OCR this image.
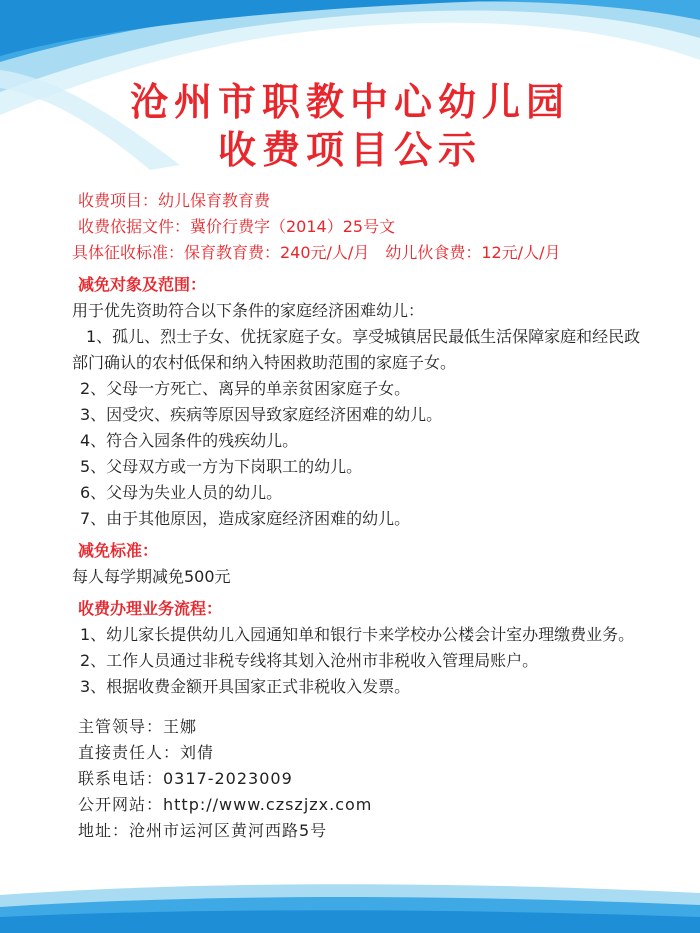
沧州市职教中心幼儿园
收费项目公示
收费项目：幼儿保育教育费
收费依据文件：冀价行费字（2014）25号文
具体征收标准：保育教育费：240元/人/月　幼儿伙食费：12元/人/月
减免对象及范围：
用于优先资助符合以下条件的家庭经济困难幼儿：
1、孤儿、烈士子女、优抚家庭子女。享受城镇居民最低生活保障家庭和经民政部门确认的农村低保和纳入特困救助范围的家庭子女。
2、父母一方死亡、离异的单亲贫困家庭子女。
3、因受灾、疾病等原因导致家庭经济困难的幼儿。
4、符合入园条件的残疾幼儿。
5、父母双方或一方为下岗职工的幼儿。
6、父母为失业人员的幼儿。
7、由于其他原因，造成家庭经济困难的幼儿。
减免标准：
每人每学期减免500元
收费办理业务流程：
1、幼儿家长提供幼儿入园通知单和银行卡来学校办公楼会计室办理缴费业务。
2、工作人员通过非税专线将其划入沧州市非税收入管理局账户。
3、根据收费金额开具国家正式非税收入发票。
主管领导：王娜
直接责任人：刘倩
联系电话：0317-2023009
公开网站：http://www.czszjzx.com
地址：沧州市运河区黄河西路5号
